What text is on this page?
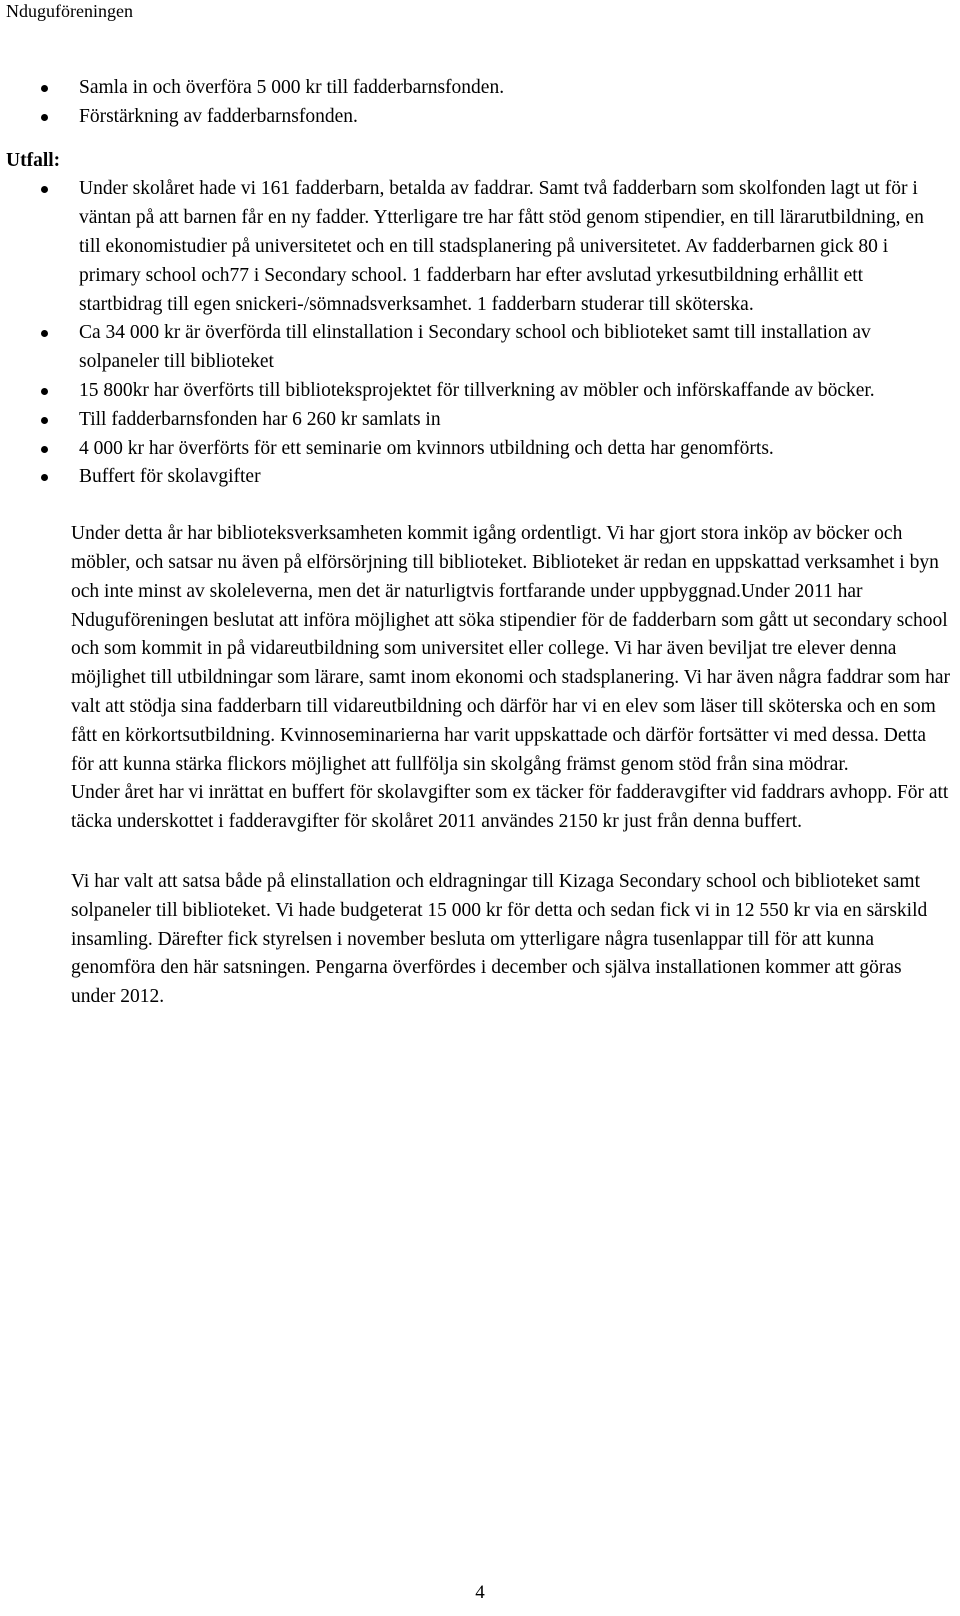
Nduguföreningen
Samla in och överföra 5 000 kr till fadderbarnsfonden.
Förstärkning av fadderbarnsfonden.
Utfall:
Under skolåret hade vi 161 fadderbarn, betalda av faddrar. Samt två fadderbarn som skolfonden lagt ut för i väntan på att barnen får en ny fadder. Ytterligare tre har fått stöd genom stipendier, en till lärarutbildning, en till ekonomistudier på universitetet och en till stadsplanering på universitetet. Av fadderbarnen gick 80 i primary school och77 i Secondary school. 1 fadderbarn har efter avslutad yrkesutbildning erhållit ett startbidrag till egen snickeri-/sömnadsverksamhet. 1 fadderbarn studerar till sköterska.
Ca 34 000 kr är överförda till elinstallation i Secondary school och biblioteket samt till installation av solpaneler till biblioteket
15 800kr har överförts till biblioteksprojektet för tillverkning av möbler och införskaffande av böcker.
Till fadderbarnsfonden har 6 260 kr samlats in
4 000 kr har överförts för ett seminarie om kvinnors utbildning och detta har genomförts.
Buffert för skolavgifter

Under detta år har biblioteksverksamheten kommit igång ordentligt. Vi har gjort stora inköp av böcker och möbler, och satsar nu även på elförsörjning till biblioteket. Biblioteket är redan en uppskattad verksamhet i byn och inte minst av skoleleverna, men det är naturligtvis fortfarande under uppbyggnad.Under 2011 har Nduguföreningen beslutat att införa möjlighet att söka stipendier för de fadderbarn som gått ut secondary school och som kommit in på vidareutbildning som universitet eller college. Vi har även beviljat tre elever denna möjlighet till utbildningar som lärare, samt inom ekonomi och stadsplanering. Vi har även några faddrar som har valt att stödja sina fadderbarn till vidareutbildning och därför har vi en elev som läser till sköterska och en som fått en körkortsutbildning. Kvinnoseminarierna har varit uppskattade och därför fortsätter vi med dessa. Detta för att kunna stärka flickors möjlighet att fullfölja sin skolgång främst genom stöd från sina mödrar.

Under året har vi inrättat en buffert för skolavgifter som ex täcker för fadderavgifter vid faddrars avhopp. För att täcka underskottet i fadderavgifter för skolåret 2011 användes 2150 kr just från denna buffert.

Vi har valt att satsa både på elinstallation och eldragningar till Kizaga Secondary school och biblioteket samt solpaneler till biblioteket. Vi hade budgeterat 15 000 kr för detta och sedan fick vi in 12 550 kr via en särskild insamling. Därefter fick styrelsen i november besluta om ytterligare några tusenlappar till för att kunna genomföra den här satsningen. Pengarna överfördes i december och själva installationen kommer att göras under 2012.

4
